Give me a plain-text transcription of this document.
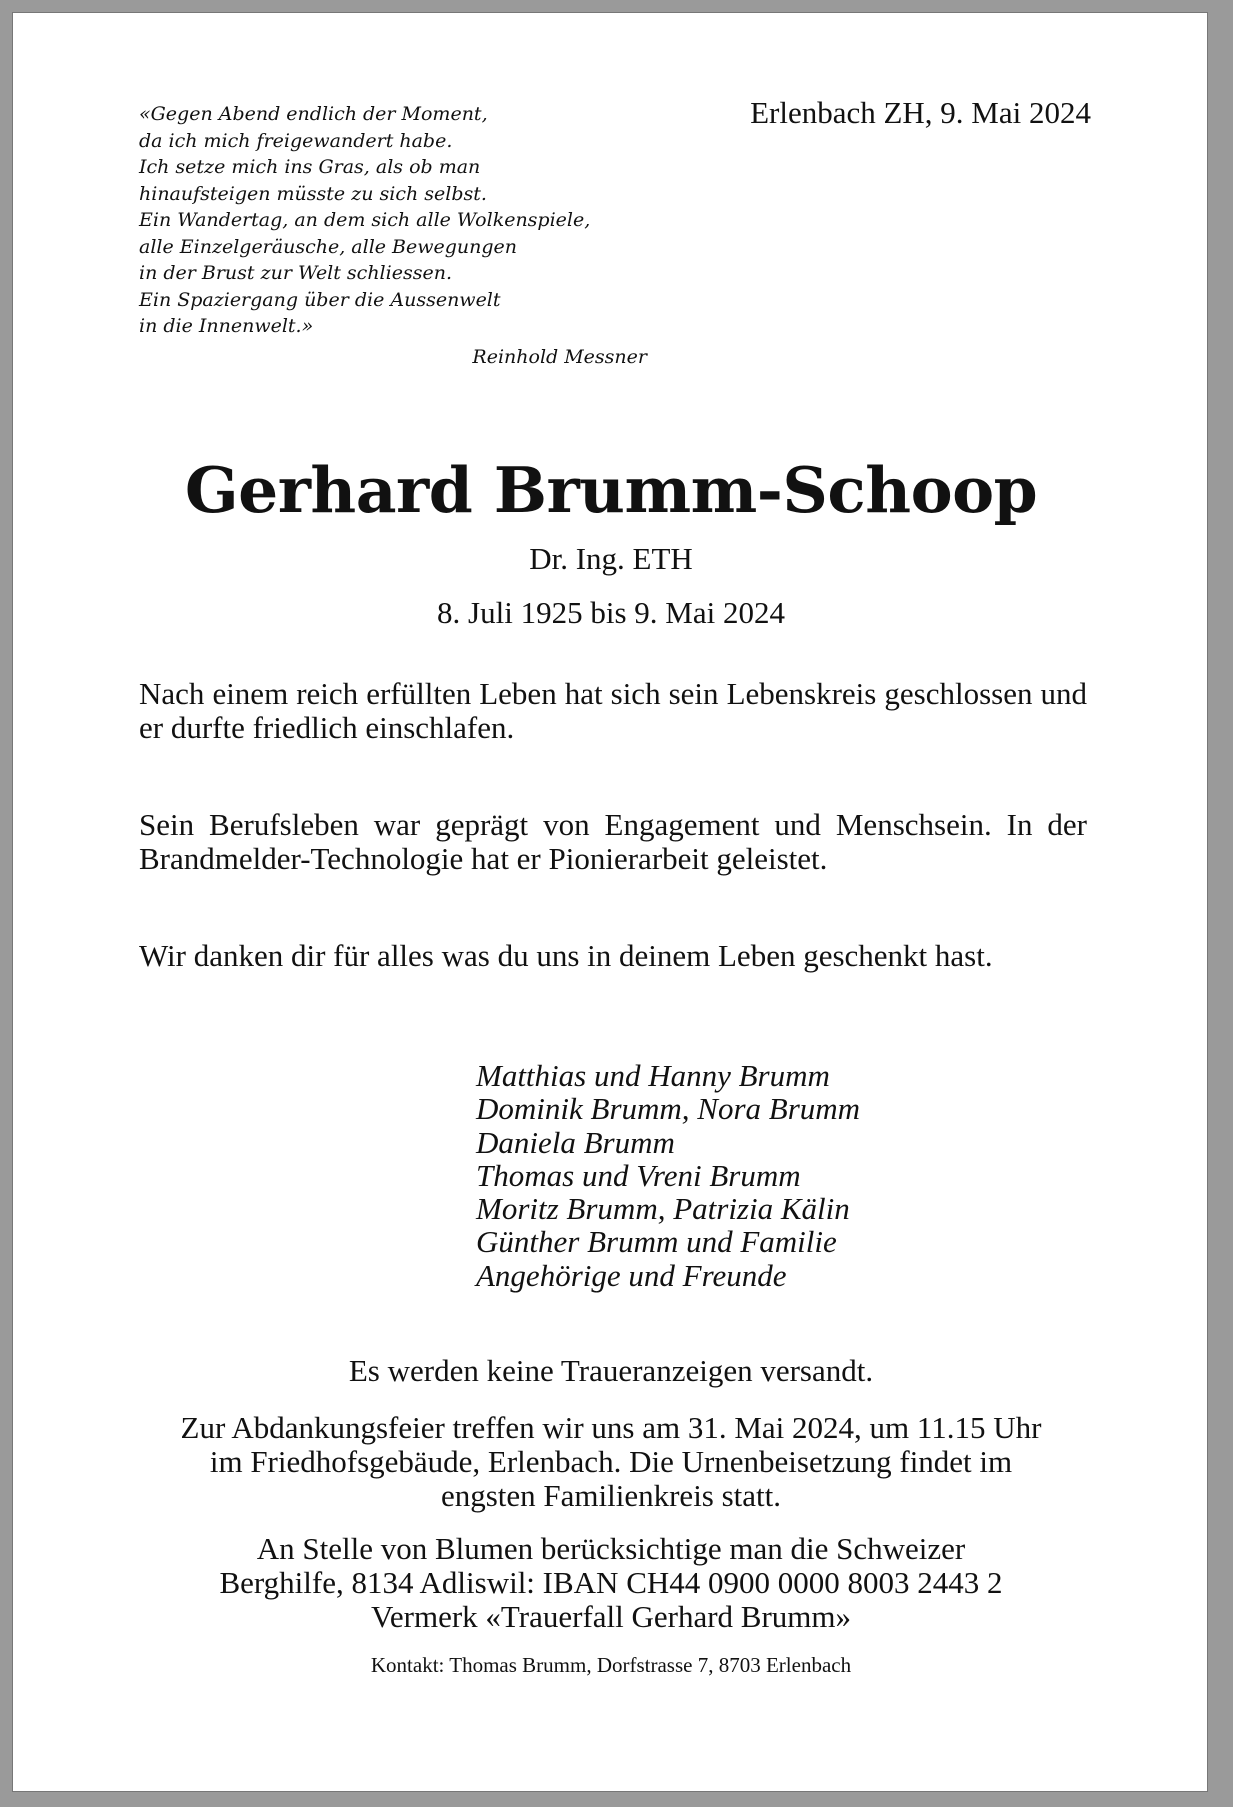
«Gegen Abend endlich der Moment,
da ich mich freigewandert habe.
Ich setze mich ins Gras, als ob man
hinaufsteigen müsste zu sich selbst.
Ein Wandertag, an dem sich alle Wolkenspiele,
alle Einzelgeräusche, alle Bewegungen
in der Brust zur Welt schliessen.
Ein Spaziergang über die Aussenwelt
in die Innenwelt.»
Reinhold Messner
Erlenbach ZH, 9. Mai 2024
Gerhard Brumm-Schoop
Dr. Ing. ETH
8. Juli 1925 bis 9. Mai 2024
Nach einem reich erfüllten Leben hat sich sein Lebenskreis geschlossen und er durfte friedlich einschlafen.
Sein Berufsleben war geprägt von Engagement und Menschsein. In der Brandmelder-Technologie hat er Pionierarbeit geleistet.
Wir danken dir für alles was du uns in deinem Leben geschenkt hast.
Matthias und Hanny Brumm
Dominik Brumm, Nora Brumm
Daniela Brumm
Thomas und Vreni Brumm
Moritz Brumm, Patrizia Kälin
Günther Brumm und Familie
Angehörige und Freunde
Es werden keine Traueranzeigen versandt.
Zur Abdankungsfeier treffen wir uns am 31. Mai 2024, um 11.15 Uhr
im Friedhofsgebäude, Erlenbach. Die Urnenbeisetzung findet im
engsten Familienkreis statt.
An Stelle von Blumen berücksichtige man die Schweizer
Berghilfe, 8134 Adliswil: IBAN CH44 0900 0000 8003 2443 2
Vermerk «Trauerfall Gerhard Brumm»
Kontakt: Thomas Brumm, Dorfstrasse 7, 8703 Erlenbach
